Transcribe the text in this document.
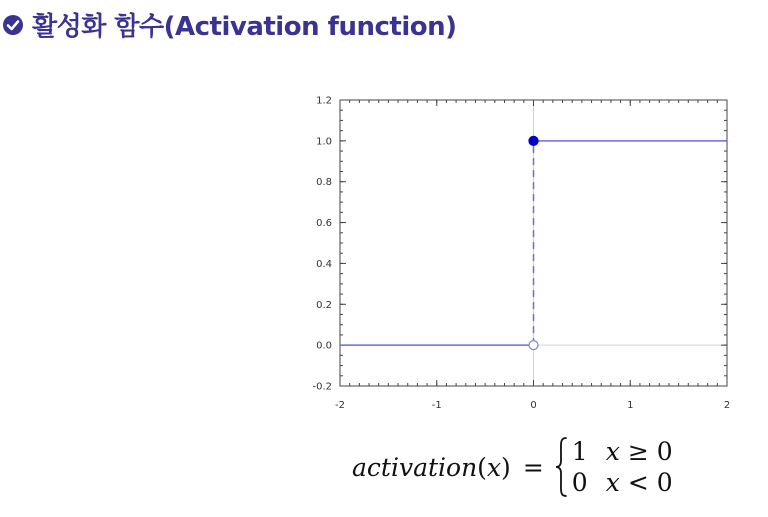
활성화 함수(Activation function)
-2	-1	0	1	2
-0.2
0.0
0.2
0.4
0.6
0.8
1.0
1.2
activation(x) =
1 x ≥ 0
0 x < 0
